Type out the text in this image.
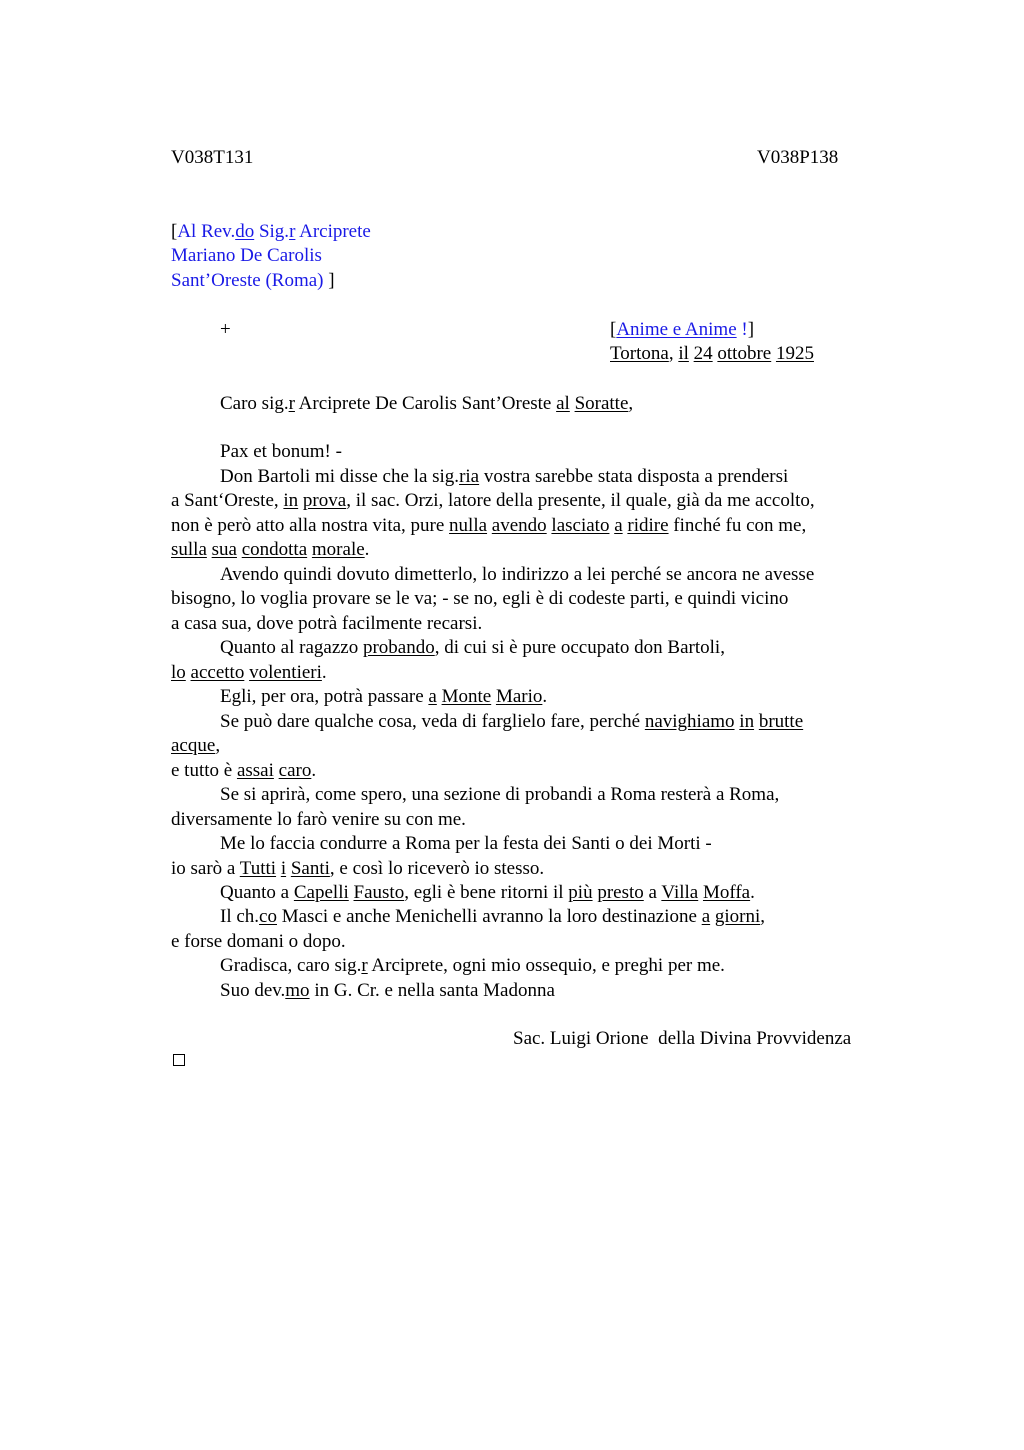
V038T131	V038P138
[Al Rev.do Sig.r Arciprete
Mariano De Carolis
Sant’Oreste (Roma) ]
+	[Anime e Anime !]
Tortona, il 24 ottobre 1925
Caro sig.r Arciprete De Carolis Sant’Oreste al Soratte,
Pax et bonum! -
Don Bartoli mi disse che la sig.ria vostra sarebbe stata disposta a prendersi
a Sant‘Oreste, in prova, il sac. Orzi, latore della presente, il quale, già da me accolto,
non è però atto alla nostra vita, pure nulla avendo lasciato a ridire finché fu con me,
sulla sua condotta morale.
Avendo quindi dovuto dimetterlo, lo indirizzo a lei perché se ancora ne avesse
bisogno, lo voglia provare se le va; - se no, egli è di codeste parti, e quindi vicino
a casa sua, dove potrà facilmente recarsi.
Quanto al ragazzo probando, di cui si è pure occupato don Bartoli,
lo accetto volentieri.
Egli, per ora, potrà passare a Monte Mario.
Se può dare qualche cosa, veda di farglielo fare, perché navighiamo in brutte
acque,
e tutto è assai caro.
Se si aprirà, come spero, una sezione di probandi a Roma resterà a Roma,
diversamente lo farò venire su con me.
Me lo faccia condurre a Roma per la festa dei Santi o dei Morti -
io sarò a Tutti i Santi, e così lo riceverò io stesso.
Quanto a Capelli Fausto, egli è bene ritorni il più presto a Villa Moffa.
Il ch.co Masci e anche Menichelli avranno la loro destinazione a giorni,
e forse domani o dopo.
Gradisca, caro sig.r Arciprete, ogni mio ossequio, e preghi per me.
Suo dev.mo in G. Cr. e nella santa Madonna
Sac. Luigi Orione  della Divina Provvidenza
